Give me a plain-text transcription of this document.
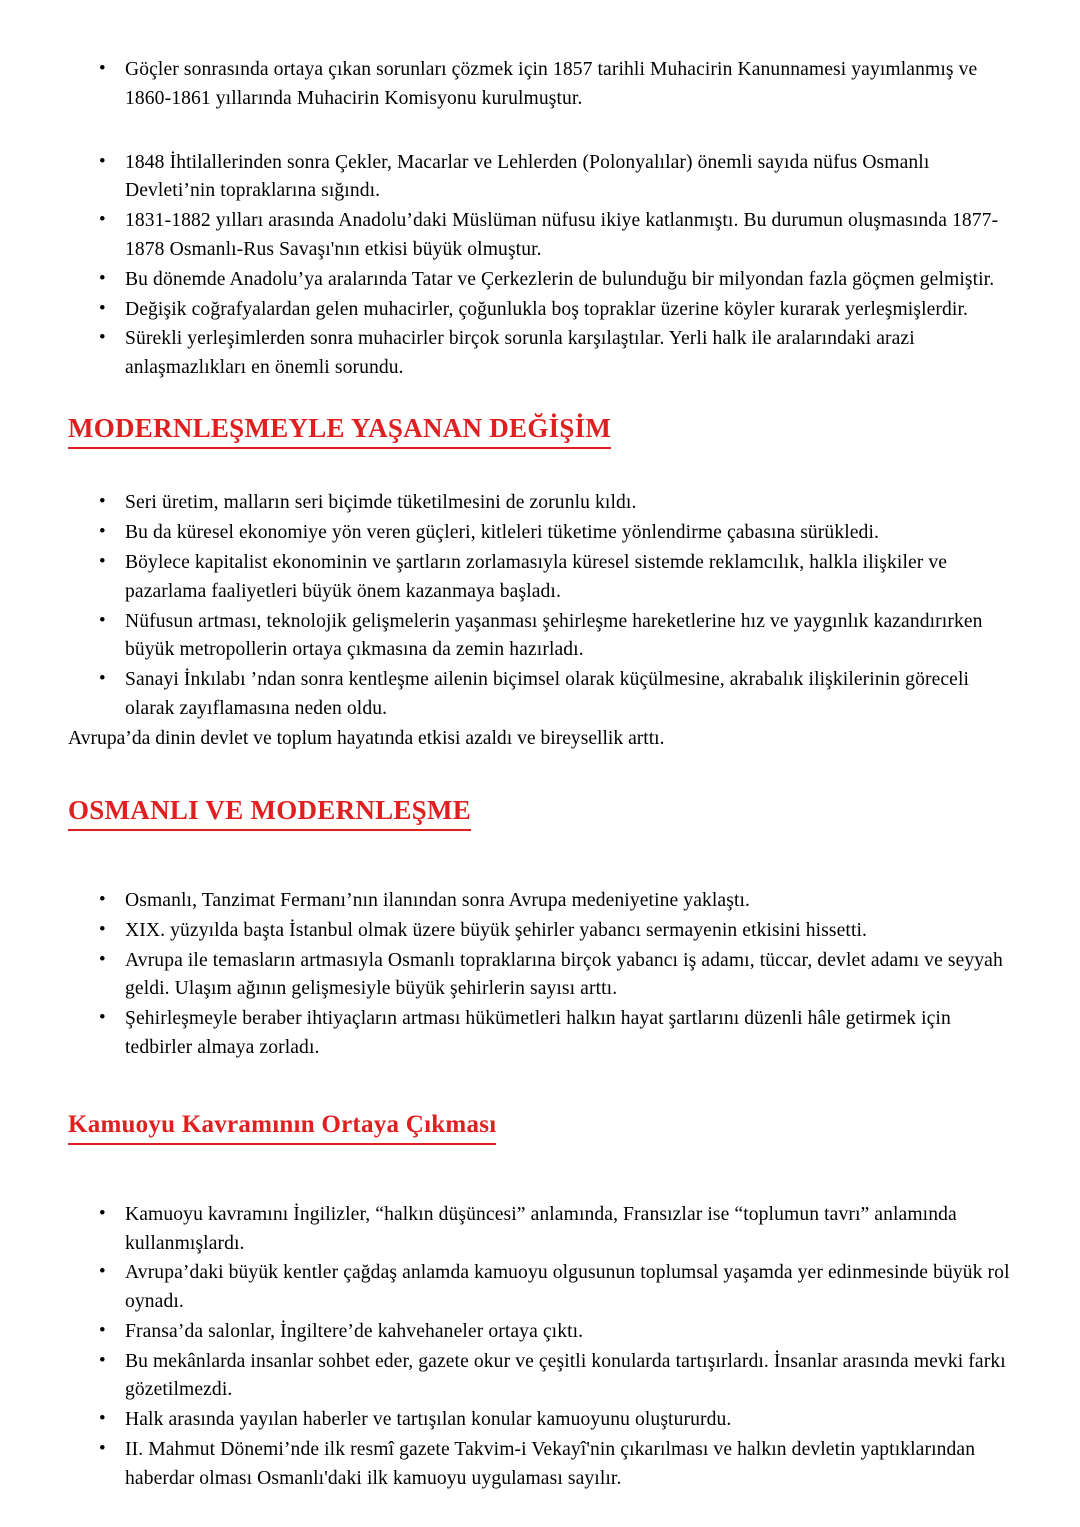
• Göçler sonrasında ortaya çıkan sorunları çözmek için 1857 tarihli Muhacirin Kanunnamesi yayımlanmış ve 1860-1861 yıllarında Muhacirin Komisyonu kurulmuştur.
• 1848 İhtilallerinden sonra Çekler, Macarlar ve Lehlerden (Polonyalılar) önemli sayıda nüfus Osmanlı Devleti’nin topraklarına sığındı.
• 1831-1882 yılları arasında Anadolu’daki Müslüman nüfusu ikiye katlanmıştı. Bu durumun oluşmasında 1877-1878 Osmanlı-Rus Savaşı'nın etkisi büyük olmuştur.
• Bu dönemde Anadolu’ya aralarında Tatar ve Çerkezlerin de bulunduğu bir milyondan fazla göçmen gelmiştir.
• Değişik coğrafyalardan gelen muhacirler, çoğunlukla boş topraklar üzerine köyler kurarak yerleşmişlerdir.
• Sürekli yerleşimlerden sonra muhacirler birçok sorunla karşılaştılar. Yerli halk ile aralarındaki arazi anlaşmazlıkları en önemli sorundu.
MODERNLEŞMEYLE YAŞANAN DEĞİŞİM
• Seri üretim, malların seri biçimde tüketilmesini de zorunlu kıldı.
• Bu da küresel ekonomiye yön veren güçleri, kitleleri tüketime yönlendirme çabasına sürükledi.
• Böylece kapitalist ekonominin ve şartların zorlamasıyla küresel sistemde reklamcılık, halkla ilişkiler ve pazarlama faaliyetleri büyük önem kazanmaya başladı.
• Nüfusun artması, teknolojik gelişmelerin yaşanması şehirleşme hareketlerine hız ve yaygınlık kazandırırken büyük metropollerin ortaya çıkmasına da zemin hazırladı.
• Sanayi İnkılabı ’ndan sonra kentleşme ailenin biçimsel olarak küçülmesine, akrabalık ilişkilerinin göreceli olarak zayıflamasına neden oldu.
Avrupa’da dinin devlet ve toplum hayatında etkisi azaldı ve bireysellik arttı.
OSMANLI VE MODERNLEŞME
• Osmanlı, Tanzimat Fermanı’nın ilanından sonra Avrupa medeniyetine yaklaştı.
• XIX. yüzyılda başta İstanbul olmak üzere büyük şehirler yabancı sermayenin etkisini hissetti.
• Avrupa ile temasların artmasıyla Osmanlı topraklarına birçok yabancı iş adamı, tüccar, devlet adamı ve seyyah geldi. Ulaşım ağının gelişmesiyle büyük şehirlerin sayısı arttı.
• Şehirleşmeyle beraber ihtiyaçların artması hükümetleri halkın hayat şartlarını düzenli hâle getirmek için tedbirler almaya zorladı.
Kamuoyu Kavramının Ortaya Çıkması
• Kamuoyu kavramını İngilizler, “halkın düşüncesi” anlamında, Fransızlar ise “toplumun tavrı” anlamında kullanmışlardı.
• Avrupa’daki büyük kentler çağdaş anlamda kamuoyu olgusunun toplumsal yaşamda yer edinmesinde büyük rol oynadı.
• Fransa’da salonlar, İngiltere’de kahvehaneler ortaya çıktı.
• Bu mekânlarda insanlar sohbet eder, gazete okur ve çeşitli konularda tartışırlardı. İnsanlar arasında mevki farkı gözetilmezdi.
• Halk arasında yayılan haberler ve tartışılan konular kamuoyunu oluştururdu.
• II. Mahmut Dönemi’nde ilk resmî gazete Takvim-i Vekayî'nin çıkarılması ve halkın devletin yaptıklarından haberdar olması Osmanlı'daki ilk kamuoyu uygulaması sayılır.
